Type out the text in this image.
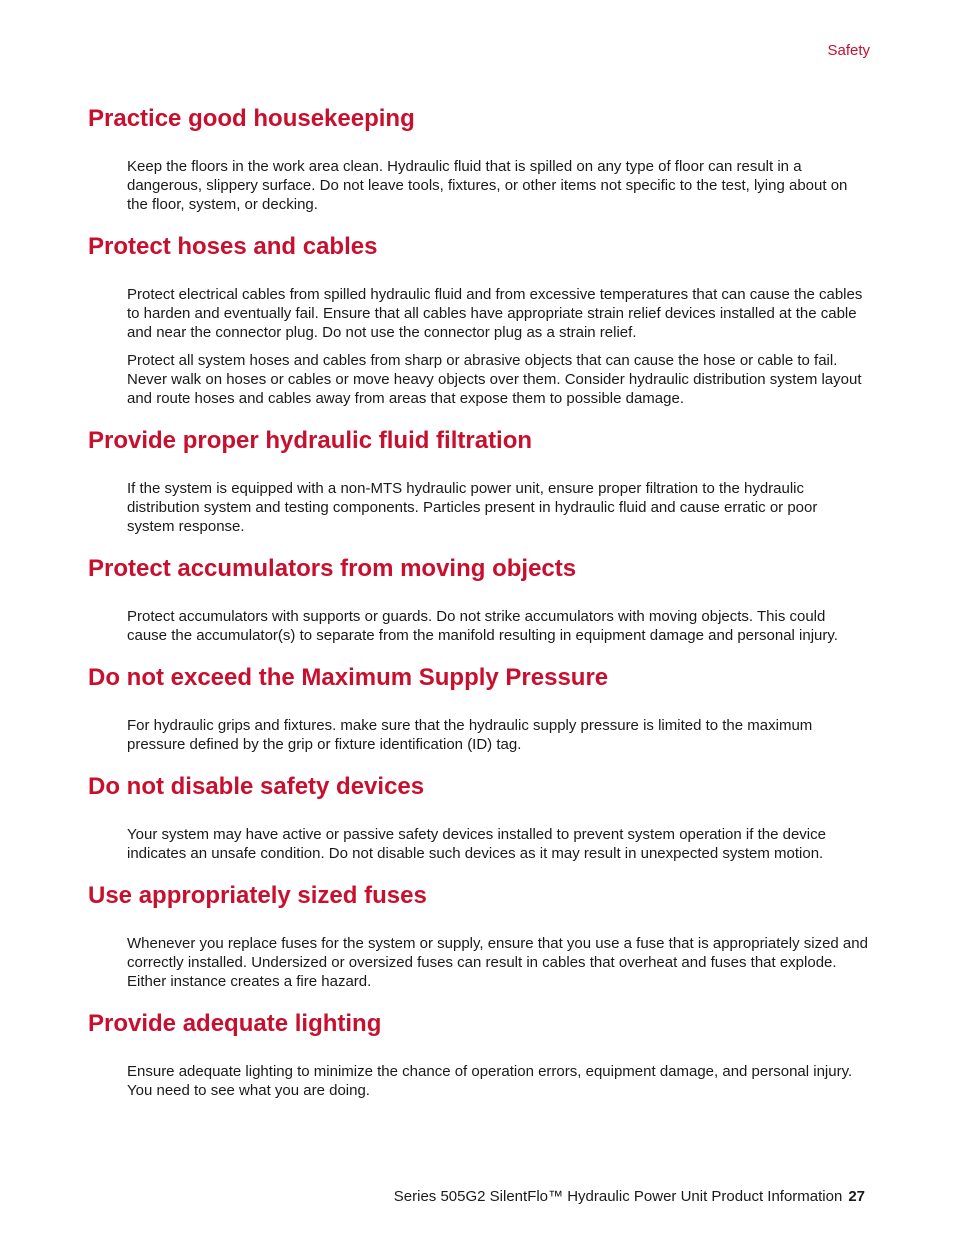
Safety
Practice good housekeeping

Keep the floors in the work area clean. Hydraulic fluid that is spilled on any type of floor can result in a dangerous, slippery surface. Do not leave tools, fixtures, or other items not specific to the test, lying about on the floor, system, or decking.

Protect hoses and cables

Protect electrical cables from spilled hydraulic fluid and from excessive temperatures that can cause the cables to harden and eventually fail. Ensure that all cables have appropriate strain relief devices installed at the cable and near the connector plug. Do not use the connector plug as a strain relief.

Protect all system hoses and cables from sharp or abrasive objects that can cause the hose or cable to fail. Never walk on hoses or cables or move heavy objects over them. Consider hydraulic distribution system layout and route hoses and cables away from areas that expose them to possible damage.

Provide proper hydraulic fluid filtration

If the system is equipped with a non-MTS hydraulic power unit, ensure proper filtration to the hydraulic distribution system and testing components. Particles present in hydraulic fluid and cause erratic or poor system response.

Protect accumulators from moving objects

Protect accumulators with supports or guards. Do not strike accumulators with moving objects. This could cause the accumulator(s) to separate from the manifold resulting in equipment damage and personal injury.

Do not exceed the Maximum Supply Pressure

For hydraulic grips and fixtures. make sure that the hydraulic supply pressure is limited to the maximum pressure defined by the grip or fixture identification (ID) tag.

Do not disable safety devices

Your system may have active or passive safety devices installed to prevent system operation if the device indicates an unsafe condition. Do not disable such devices as it may result in unexpected system motion.

Use appropriately sized fuses

Whenever you replace fuses for the system or supply, ensure that you use a fuse that is appropriately sized and correctly installed. Undersized or oversized fuses can result in cables that overheat and fuses that explode. Either instance creates a fire hazard.

Provide adequate lighting

Ensure adequate lighting to minimize the chance of operation errors, equipment damage, and personal injury. You need to see what you are doing.

Series 505G2 SilentFlo™ Hydraulic Power Unit Product Information 27
